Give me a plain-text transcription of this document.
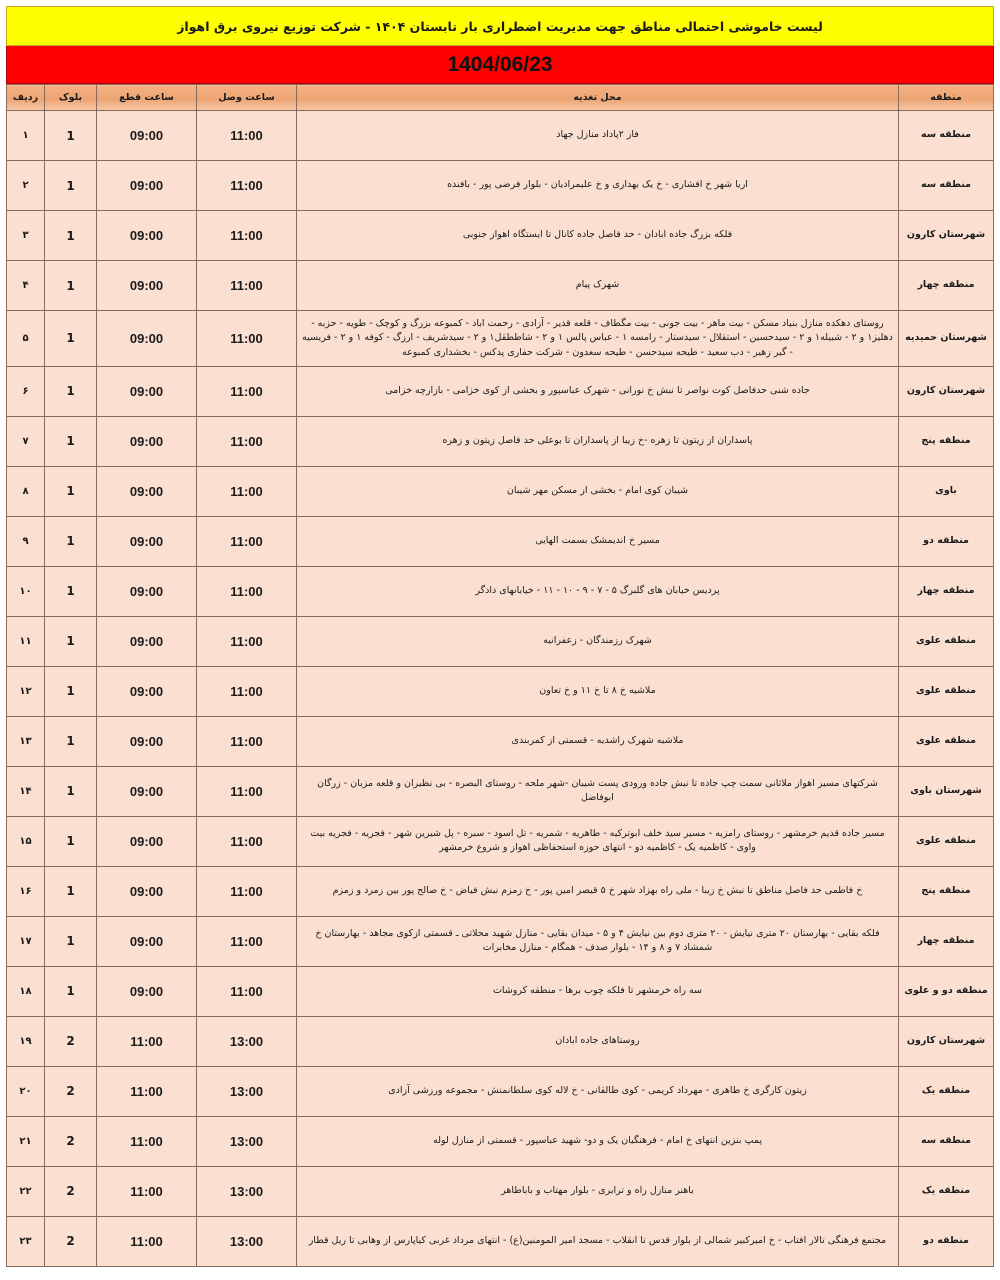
لیست خاموشی احتمالی مناطق جهت مدیریت اضطراری بار تابستان ۱۴۰۴ - شرکت توزیع نیروی برق اهواز
1404/06/23
منطقه	محل تغذیه	ساعت وصل	ساعت قطع	بلوک	ردیف
منطقه سه	فاز ۲پاداد منازل جهاد	11:00	09:00	1	۱
منطقه سه	اریا شهر خ افشاری - خ یک بهداری و خ علیمرادیان - بلوار فرضی پور - بافنده	11:00	09:00	1	۲
شهرستان کارون	فلکه بزرگ جاده ابادان - حد فاصل جاده کانال تا ایستگاه اهواز جنوبی	11:00	09:00	1	۳
منطقه چهار	شهرک پیام	11:00	09:00	1	۴
شهرستان حمیدیه	روستای دهکده منازل بنیاد مسکن - بیت ماهر - بیت جونی - بیت مگطاف - قلعه قدیر - آزادی - رحمت اباد - کمبوعه بزرگ و کوچک - طویه - حزبه - دهلیز۱ و ۲ - شبیله۱ و ۲ - سیدحسین - استقلال - سیدستار - رامسه ۱ - عباس پالس ۱ و ۲ - شاططقل۱ و ۲ - سیدشریف - ارزگ - کوفه ۱ و ۲ - فریسیه - گبر زهیر - دب سعید - طیحه سیدحسن - طیحه سعدون - شرکت حفاری پدکس - بخشداری کمبوعه	11:00	09:00	1	۵
شهرستان کارون	جاده شنی حدفاصل کوت نواصر تا نبش خ نورانی - شهرک عباسپور و بخشی از کوی خزامی - بازارچه خزامی	11:00	09:00	1	۶
منطقه پنج	پاسداران از زیتون تا زهره -خ زیبا از پاسداران تا بوعلی حد فاصل زیتون و زهره	11:00	09:00	1	۷
باوی	شیبان کوی امام - بخشی از مسکن مهر شیبان	11:00	09:00	1	۸
منطقه دو	مسیر خ اندیمشک بسمت الهایی	11:00	09:00	1	۹
منطقه چهار	پردیس خیابان های گلبرگ ۵ - ۷ - ۹ - ۱۰ - ۱۱ - خیابانهای دادگر	11:00	09:00	1	۱۰
منطقه علوی	شهرک رزمندگان - زعفرانیه	11:00	09:00	1	۱۱
منطقه علوی	ملاشیه خ ۸ تا خ ۱۱ و خ تعاون	11:00	09:00	1	۱۲
منطقه علوی	ملاشیه شهرک راشدیه - قسمتی از کمربندی	11:00	09:00	1	۱۳
شهرستان باوی	شرکتهای مسیر اهواز ملاثانی سمت چپ جاده تا نبش جاده ورودی پست شیبان -شهر ملحه - روستای البصره - بی نظیران و قلعه مزبان - زرگان ابوفاضل	11:00	09:00	1	۱۴
منطقه علوی	مسیر جاده قدیم خرمشهر - روستای رامزیه - مسیر سید خلف ابوترکیه - طاهریه - شمریه - تل اسود - سبره - پل شیرین شهر - فجریه - فجریه بیت واوی - کاظمیه یک - کاظمیه دو - انتهای حوزه استحفاظی اهواز و شروع خرمشهر	11:00	09:00	1	۱۵
منطقه پنج	خ فاطمی حد فاصل مناطق تا نبش خ زیبا - ملی راه بهزاد شهر خ ۵ قیصر امین پور - خ زمزم نبش فیاض - خ صالح پور بین زمرد و زمزم	11:00	09:00	1	۱۶
منطقه چهار	فلکه بقایی - بهارستان ۲۰ متری نیایش - ۲۰ متری دوم بین نیایش ۴ و ۵ - میدان بقایی - منازل شهید محلاتی ـ قسمتی ازکوی مجاهد - بهارستان خ شمشاد ۷ و ۸ و ۱۴ - بلوار صدف - همگام - منازل مخابرات	11:00	09:00	1	۱۷
منطقه دو و علوی	سه راه خرمشهر تا فلکه چوب برها - منطقه کروشات	11:00	09:00	1	۱۸
شهرستان کارون	روستاهای جاده ابادان	13:00	11:00	2	۱۹
منطقه یک	زیتون کارگری خ طاهری - مهرداد کریمی - کوی طالقانی - خ لاله کوی سلطانمنش - مجموعه ورزشی آزادی	13:00	11:00	2	۲۰
منطقه سه	پمپ بنزین انتهای خ امام - فرهنگیان یک و دو- شهید عباسپور - قسمتی از منازل لوله	13:00	11:00	2	۲۱
منطقه یک	باهنر منازل راه و ترابری - بلوار مهتاب و باباطاهر	13:00	11:00	2	۲۲
منطقه دو	مجتمع فرهنگی تالار افتاب - خ امیرکبیر شمالی از بلوار قدس تا انقلاب - مسجد امیر المومنین(ع) - انتهای مرداد غربی کیاپارس از وهابی تا ریل قطار	13:00	11:00	2	۲۳
